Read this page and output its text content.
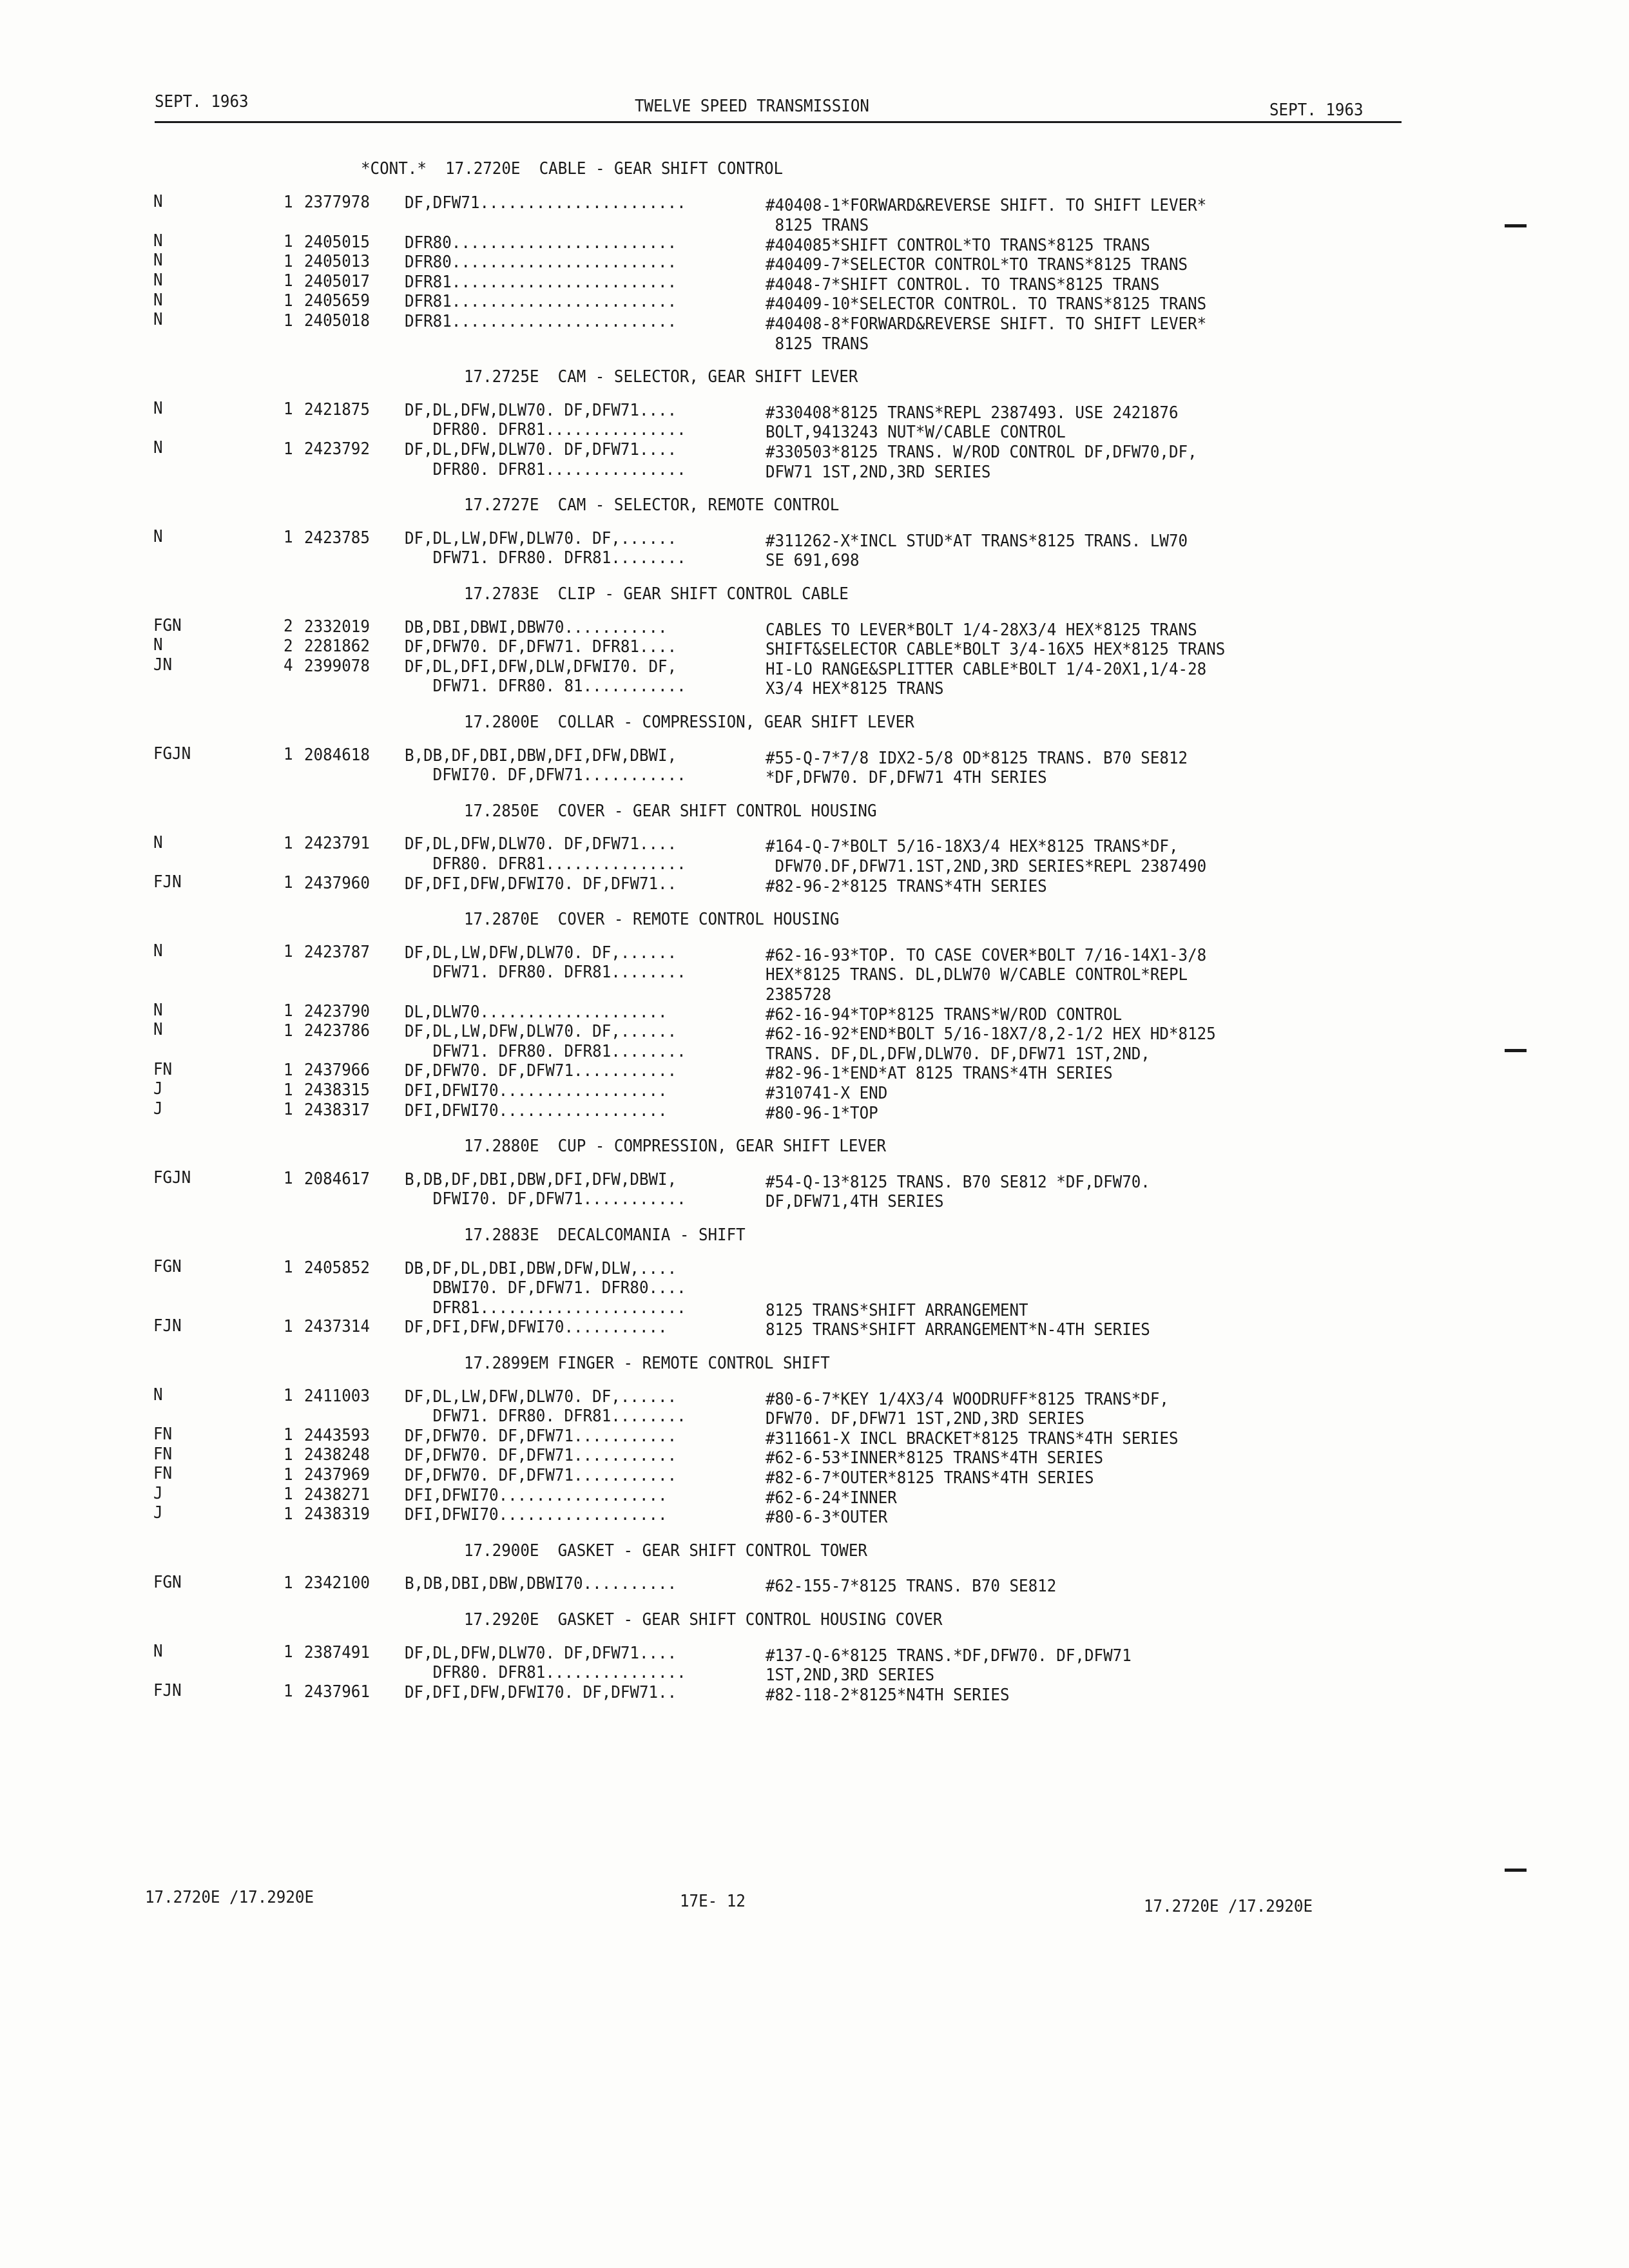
SEPT. 1963	TWELVE SPEED TRANSMISSION	SEPT. 1963
*CONT.*  17.2720E  CABLE - GEAR SHIFT CONTROL
N	1 2377978 DF,DFW71......................	#40408-1*FORWARD&REVERSE SHIFT. TO SHIFT LEVER*
8125 TRANS
N	1 2405015 DFR80........................	#404085*SHIFT CONTROL*TO TRANS*8125 TRANS
N	1 2405013 DFR80........................	#40409-7*SELECTOR CONTROL*TO TRANS*8125 TRANS
N	1 2405017 DFR81........................	#4048-7*SHIFT CONTROL. TO TRANS*8125 TRANS
N	1 2405659 DFR81........................	#40409-10*SELECTOR CONTROL. TO TRANS*8125 TRANS
N	1 2405018 DFR81........................	#40408-8*FORWARD&REVERSE SHIFT. TO SHIFT LEVER*
8125 TRANS
17.2725E  CAM - SELECTOR, GEAR SHIFT LEVER
N	1 2421875 DF,DL,DFW,DLW70. DF,DFW71....	#330408*8125 TRANS*REPL 2387493. USE 2421876
DFR80. DFR81...............	BOLT,9413243 NUT*W/CABLE CONTROL
N	1 2423792 DF,DL,DFW,DLW70. DF,DFW71....	#330503*8125 TRANS. W/ROD CONTROL DF,DFW70,DF,
DFR80. DFR81...............	DFW71 1ST,2ND,3RD SERIES
17.2727E  CAM - SELECTOR, REMOTE CONTROL
N	1 2423785 DF,DL,LW,DFW,DLW70. DF,......	#311262-X*INCL STUD*AT TRANS*8125 TRANS. LW70
DFW71. DFR80. DFR81........	SE 691,698
17.2783E  CLIP - GEAR SHIFT CONTROL CABLE
FGN	2 2332019 DB,DBI,DBWI,DBW70...........	CABLES TO LEVER*BOLT 1/4-28X3/4 HEX*8125 TRANS
N	2 2281862 DF,DFW70. DF,DFW71. DFR81....	SHIFT&SELECTOR CABLE*BOLT 3/4-16X5 HEX*8125 TRANS
JN	4 2399078 DF,DL,DFI,DFW,DLW,DFWI70. DF,	HI-LO RANGE&SPLITTER CABLE*BOLT 1/4-20X1,1/4-28
DFW71. DFR80. 81...........	X3/4 HEX*8125 TRANS
17.2800E  COLLAR - COMPRESSION, GEAR SHIFT LEVER
FGJN	1 2084618 B,DB,DF,DBI,DBW,DFI,DFW,DBWI,	#55-Q-7*7/8 IDX2-5/8 OD*8125 TRANS. B70 SE812
DFWI70. DF,DFW71...........	*DF,DFW70. DF,DFW71 4TH SERIES
17.2850E  COVER - GEAR SHIFT CONTROL HOUSING
N	1 2423791 DF,DL,DFW,DLW70. DF,DFW71....	#164-Q-7*BOLT 5/16-18X3/4 HEX*8125 TRANS*DF,
DFR80. DFR81...............	DFW70.DF,DFW71.1ST,2ND,3RD SERIES*REPL 2387490
FJN	1 2437960 DF,DFI,DFW,DFWI70. DF,DFW71..	#82-96-2*8125 TRANS*4TH SERIES
17.2870E  COVER - REMOTE CONTROL HOUSING
N	1 2423787 DF,DL,LW,DFW,DLW70. DF,......	#62-16-93*TOP. TO CASE COVER*BOLT 7/16-14X1-3/8
DFW71. DFR80. DFR81........	HEX*8125 TRANS. DL,DLW70 W/CABLE CONTROL*REPL
2385728
N	1 2423790 DL,DLW70....................	#62-16-94*TOP*8125 TRANS*W/ROD CONTROL
N	1 2423786 DF,DL,LW,DFW,DLW70. DF,......	#62-16-92*END*BOLT 5/16-18X7/8,2-1/2 HEX HD*8125
DFW71. DFR80. DFR81........	TRANS. DF,DL,DFW,DLW70. DF,DFW71 1ST,2ND,
FN	1 2437966 DF,DFW70. DF,DFW71...........	#82-96-1*END*AT 8125 TRANS*4TH SERIES
J	1 2438315 DFI,DFWI70..................	#310741-X END
J	1 2438317 DFI,DFWI70..................	#80-96-1*TOP
17.2880E  CUP - COMPRESSION, GEAR SHIFT LEVER
FGJN	1 2084617 B,DB,DF,DBI,DBW,DFI,DFW,DBWI,	#54-Q-13*8125 TRANS. B70 SE812 *DF,DFW70.
DFWI70. DF,DFW71...........	DF,DFW71,4TH SERIES
17.2883E  DECALCOMANIA - SHIFT
FGN	1 2405852 DB,DF,DL,DBI,DBW,DFW,DLW,....
DBWI70. DF,DFW71. DFR80....
DFR81......................	8125 TRANS*SHIFT ARRANGEMENT
FJN	1 2437314 DF,DFI,DFW,DFWI70...........	8125 TRANS*SHIFT ARRANGEMENT*N-4TH SERIES
17.2899EM FINGER - REMOTE CONTROL SHIFT
N	1 2411003 DF,DL,LW,DFW,DLW70. DF,......	#80-6-7*KEY 1/4X3/4 WOODRUFF*8125 TRANS*DF,
DFW71. DFR80. DFR81........	DFW70. DF,DFW71 1ST,2ND,3RD SERIES
FN	1 2443593 DF,DFW70. DF,DFW71...........	#311661-X INCL BRACKET*8125 TRANS*4TH SERIES
FN	1 2438248 DF,DFW70. DF,DFW71...........	#62-6-53*INNER*8125 TRANS*4TH SERIES
FN	1 2437969 DF,DFW70. DF,DFW71...........	#82-6-7*OUTER*8125 TRANS*4TH SERIES
J	1 2438271 DFI,DFWI70..................	#62-6-24*INNER
J	1 2438319 DFI,DFWI70..................	#80-6-3*OUTER
17.2900E  GASKET - GEAR SHIFT CONTROL TOWER
FGN	1 2342100 B,DB,DBI,DBW,DBWI70..........	#62-155-7*8125 TRANS. B70 SE812
17.2920E  GASKET - GEAR SHIFT CONTROL HOUSING COVER
N	1 2387491 DF,DL,DFW,DLW70. DF,DFW71....	#137-Q-6*8125 TRANS.*DF,DFW70. DF,DFW71
DFR80. DFR81...............	1ST,2ND,3RD SERIES
FJN	1 2437961 DF,DFI,DFW,DFWI70. DF,DFW71..	#82-118-2*8125*N4TH SERIES
17.2720E /17.2920E	17E- 12	17.2720E /17.2920E
